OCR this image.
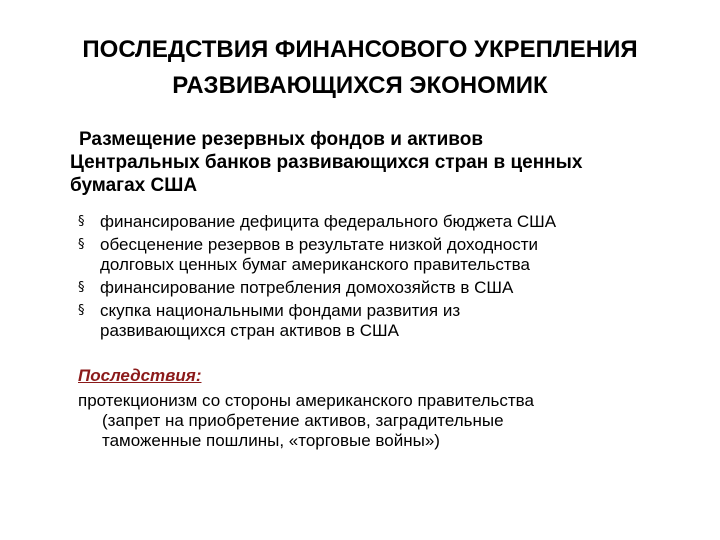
ПОСЛЕДСТВИЯ ФИНАНСОВОГО УКРЕПЛЕНИЯ
РАЗВИВАЮЩИХСЯ ЭКОНОМИК
Размещение резервных фондов и активов
Центральных банков развивающихся стран в ценных
бумагах США
§ финансирование дефицита федерального бюджета США
§ обесценение резервов в результате низкой доходности
долговых ценных бумаг американского правительства
§ финансирование потребления домохозяйств в США
§ скупка национальными фондами развития из
развивающихся стран активов в США
Последствия:
протекционизм со стороны американского правительства
(запрет на приобретение активов, заградительные
таможенные пошлины, «торговые войны»)
